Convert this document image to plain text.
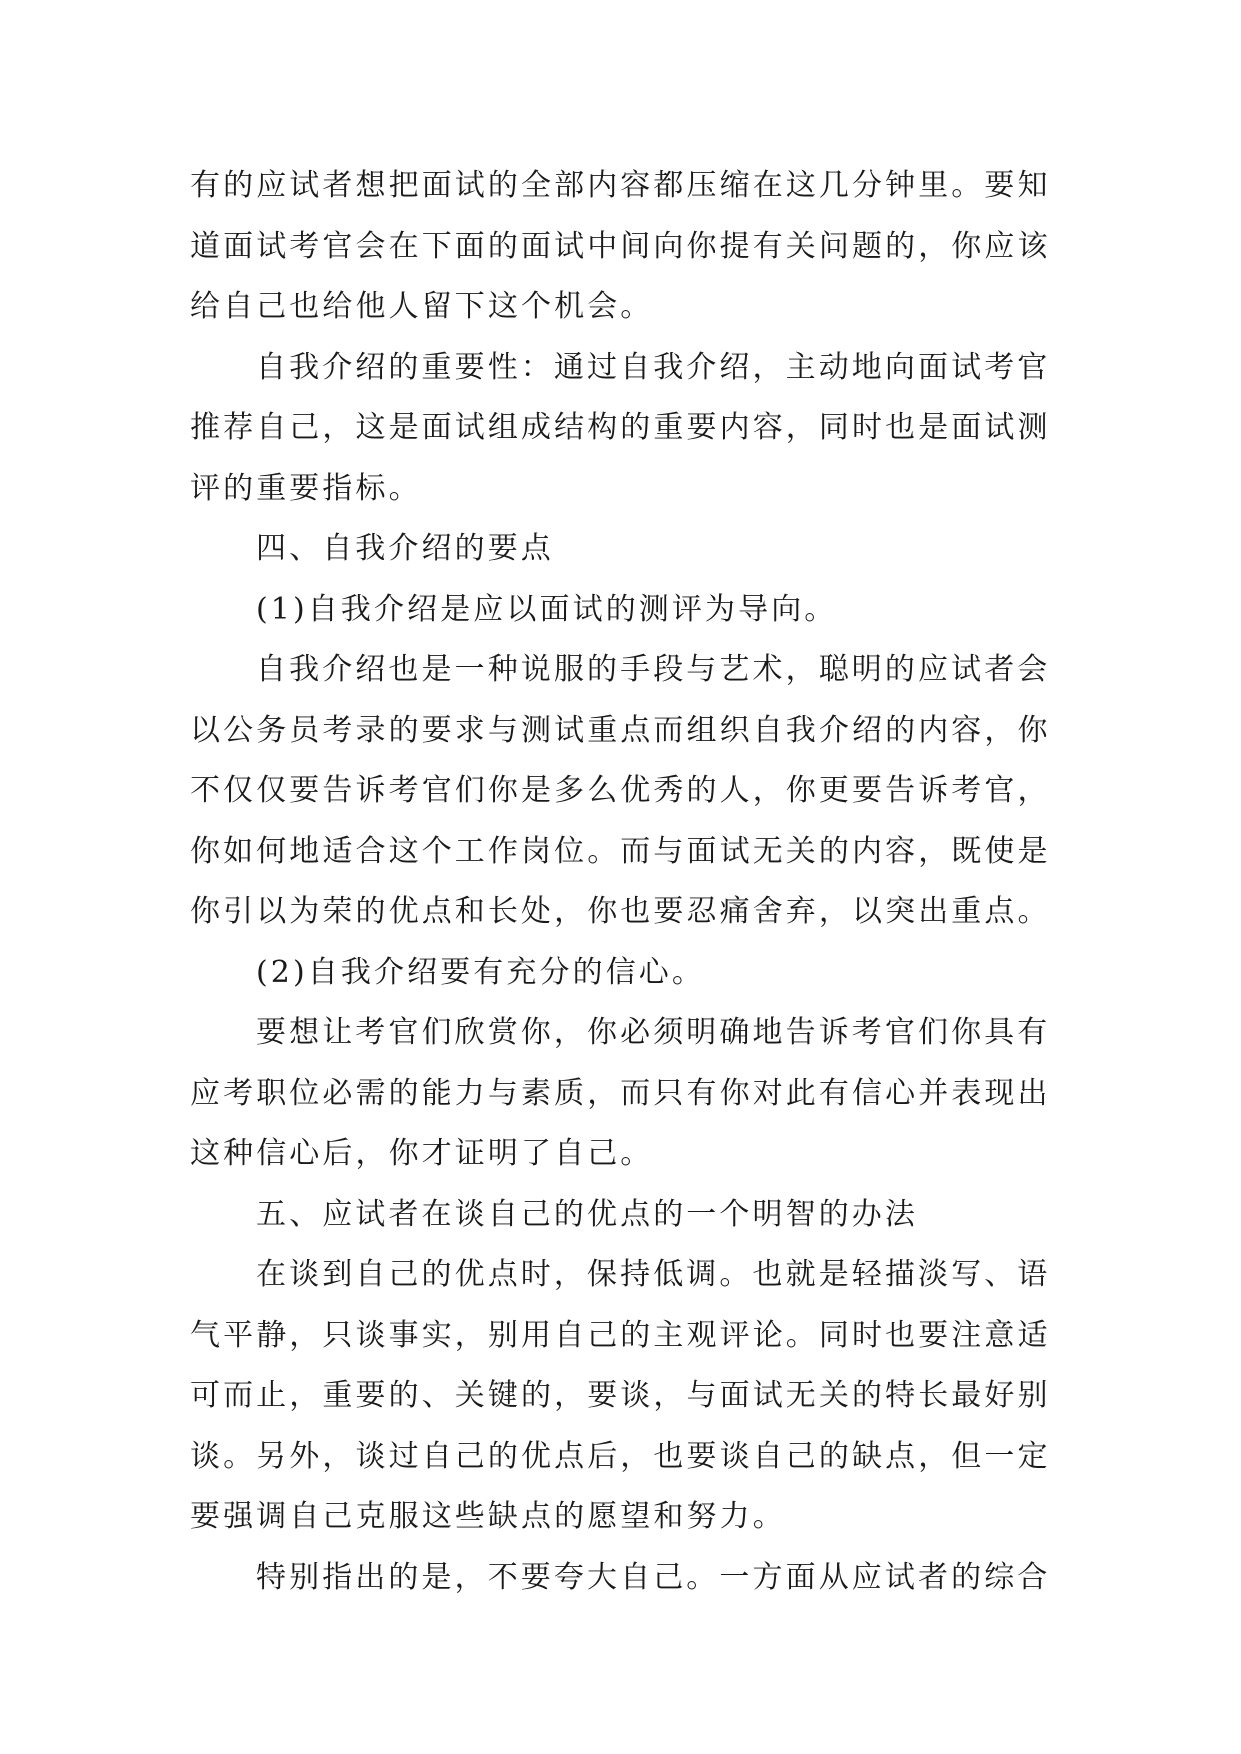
有的应试者想把面试的全部内容都压缩在这几分钟里。要知
道面试考官会在下面的面试中间向你提有关问题的，你应该
给自己也给他人留下这个机会。
自我介绍的重要性：通过自我介绍，主动地向面试考官
推荐自己，这是面试组成结构的重要内容，同时也是面试测
评的重要指标。
四、自我介绍的要点
(1)自我介绍是应以面试的测评为导向。
自我介绍也是一种说服的手段与艺术，聪明的应试者会
以公务员考录的要求与测试重点而组织自我介绍的内容，你
不仅仅要告诉考官们你是多么优秀的人，你更要告诉考官，
你如何地适合这个工作岗位。而与面试无关的内容，既使是
你引以为荣的优点和长处，你也要忍痛舍弃，以突出重点。
(2)自我介绍要有充分的信心。
要想让考官们欣赏你，你必须明确地告诉考官们你具有
应考职位必需的能力与素质，而只有你对此有信心并表现出
这种信心后，你才证明了自己。
五、应试者在谈自己的优点的一个明智的办法
在谈到自己的优点时，保持低调。也就是轻描淡写、语
气平静，只谈事实，别用自己的主观评论。同时也要注意适
可而止，重要的、关键的，要谈，与面试无关的特长最好别
谈。另外，谈过自己的优点后，也要谈自己的缺点，但一定
要强调自己克服这些缺点的愿望和努力。
特别指出的是，不要夸大自己。一方面从应试者的综合
